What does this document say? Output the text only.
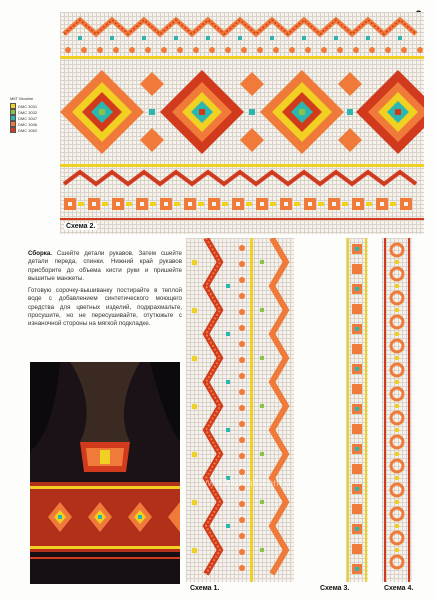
МКТ Mouline
DMC 3031
DMC 3032
DMC 3047
DMC 3046
DMC 3052
Схема 2.

Сборка. Сшейте детали рукавов. Затем сшейте детали переда, спинки. Нижний край рукавов присборите до объема кисти руки и пришейте вышитые манжеты.

Готовую сорочку-вышиванку постирайте в теплой воде с добавлением синтетического моющего средства для цветных изделий, подкрахмальте, просушите, но не пересушивайте, отутюжьте с изнаночной стороны на мягкой подкладке.

www.kidstaff.com.ua/tema-html
Схема 1.	Схема 3.	Схема 4.
